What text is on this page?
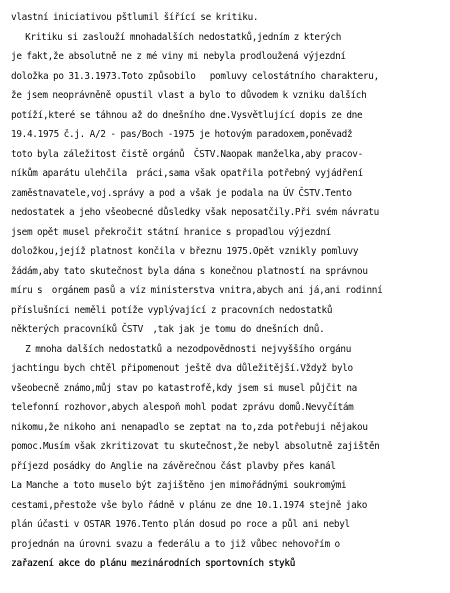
vlastní iniciativou pštlumil šířící se kritiku.
Kritiku si zaslouží mnohadalších nedostatků,jedním z kterých
je fakt,že absolutně ne z mé viny mi nebyla prodloužená výjezdní
doložka po 31.3.1973.Toto způsobilo   pomluvy celostátního charakteru,
že jsem neoprávněně opustil vlast a bylo to důvodem k vzniku dalších
potíží,které se táhnou až do dnešního dne.Vysvětlující dopis ze dne
19.4.1975 č.j. A/2 - pas/Boch -1975 je hotovým paradoxem,poněvadž
toto byla záležitost čistě orgánů  ČSTV.Naopak manželka,aby pracov-
níkům aparátu ulehčila  práci,sama však opatřila potřebný vyjádření
zaměstnavatele,voj.správy a pod a však je podala na ÚV ČSTV.Tento
nedostatek a jeho všeobecné důsledky však neposatčily.Při svém návratu
jsem opět musel překročit státní hranice s propadlou výjezdní
doložkou,jejíž platnost končila v březnu 1975.Opět vznikly pomluvy
žádám,aby tato skutečnost byla dána s konečnou platností na správnou
míru s  orgánem pasů a víz ministerstva vnitra,abych ani já,ani rodinní
příslušníci neměli potíže vyplývající z pracovních nedostatků
některých pracovníků ČSTV  ,tak jak je tomu do dnešních dnů.
Z mnoha dalších nedostatků a nezodpovědnosti nejvyššího orgánu
jachtingu bych chtěl připomenout ještě dva důležitější.Vždyž bylo
všeobecně známo,můj stav po katastrofě,kdy jsem si musel půjčit na
telefonní rozhovor,abych alespoň mohl podat zprávu domů.Nevyčítám
nikomu,že nikoho ani nenapadlo se zeptat na to,zda potřebuji nějakou
pomoc.Musím však zkritizovat tu skutečnost,že nebyl absolutně zajištěn
příjezd posádky do Anglie na závěrečnou část plavby přes kanál
La Manche a toto muselo být zajištěno jen mimořádnými soukromými
cestami,přestože vše bylo řádně v plánu ze dne 10.1.1974 stejně jako
plán účasti v OSTAR 1976.Tento plán dosud po roce a půl ani nebyl
projednán na úrovni svazu a federálu a to již vůbec nehovořím o
zařazení akce do plánu mezinárodních sportovních styků
